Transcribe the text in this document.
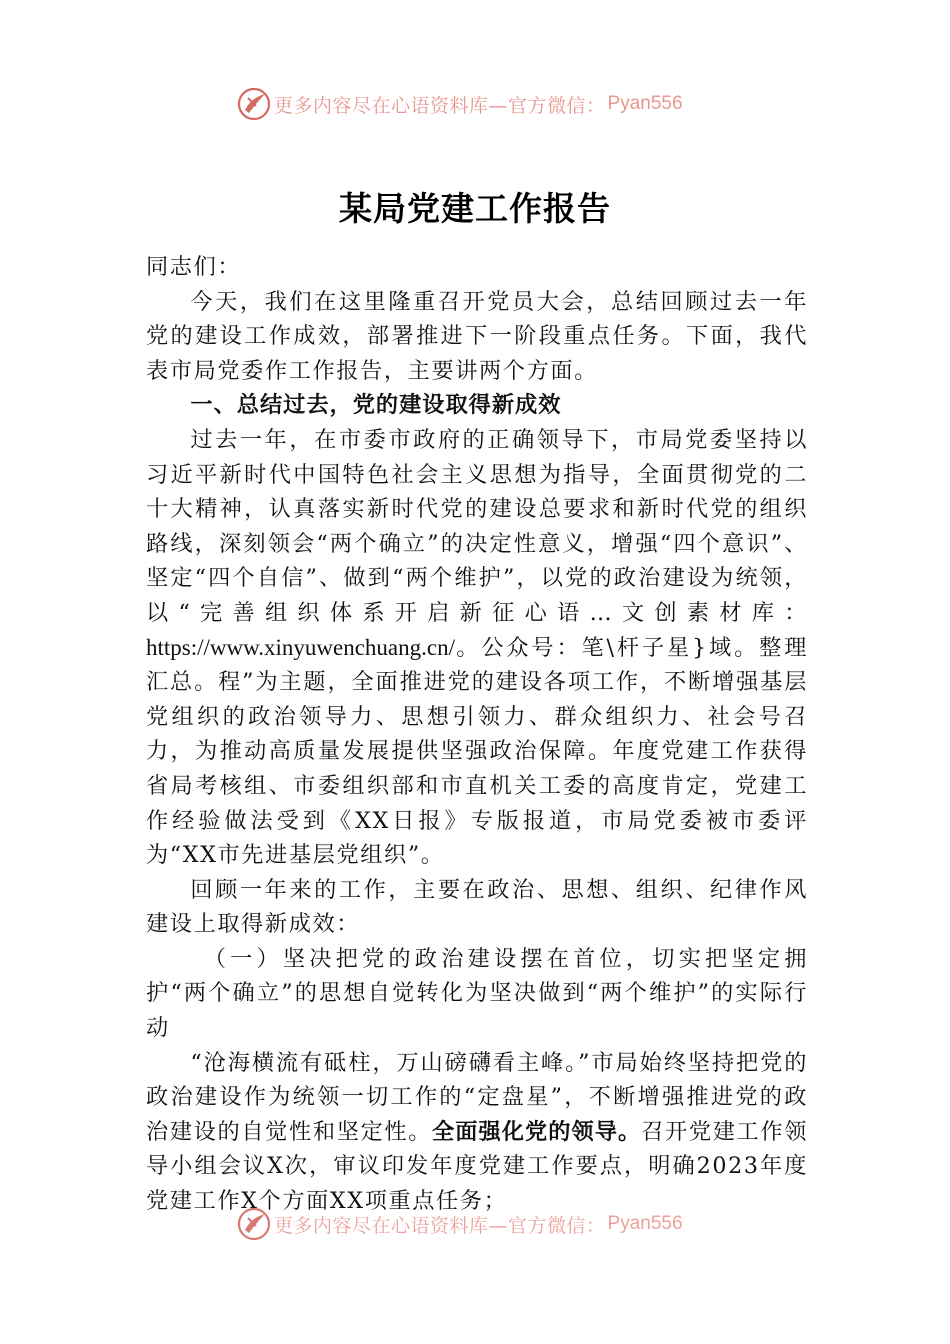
更多内容尽在心语资料库—官方微信： Pyan556
某局党建工作报告

同志们：

今天，我们在这里隆重召开党员大会，总结回顾过去一年党的建设工作成效，部署推进下一阶段重点任务。下面，我代表市局党委作工作报告，主要讲两个方面。

一、总结过去，党的建设取得新成效

过去一年，在市委市政府的正确领导下，市局党委坚持以习近平新时代中国特色社会主义思想为指导，全面贯彻党的二十大精神，认真落实新时代党的建设总要求和新时代党的组织路线，深刻领会“两个确立”的决定性意义，增强“四个意识”、坚定“四个自信”、做到“两个维护”，以党的政治建设为统领，以“完善组织体系开启新征心语…文创素材库：https://www.xinyuwenchuang.cn/。公众号：笔\杆子星}域。整理汇总。程”为主题，全面推进党的建设各项工作，不断增强基层党组织的政治领导力、思想引领力、群众组织力、社会号召力，为推动高质量发展提供坚强政治保障。年度党建工作获得省局考核组、市委组织部和市直机关工委的高度肯定，党建工作经验做法受到《XX日报》专版报道，市局党委被市委评为“XX市先进基层党组织”。

回顾一年来的工作，主要在政治、思想、组织、纪律作风建设上取得新成效：

（一）坚决把党的政治建设摆在首位，切实把坚定拥护“两个确立”的思想自觉转化为坚决做到“两个维护”的实际行动

“沧海横流有砥柱，万山磅礴看主峰。”市局始终坚持把党的政治建设作为统领一切工作的“定盘星”，不断增强推进党的政治建设的自觉性和坚定性。全面强化党的领导。召开党建工作领导小组会议X次，审议印发年度党建工作要点，明确2023年度党建工作X个方面XX项重点任务；

更多内容尽在心语资料库—官方微信： Pyan556
